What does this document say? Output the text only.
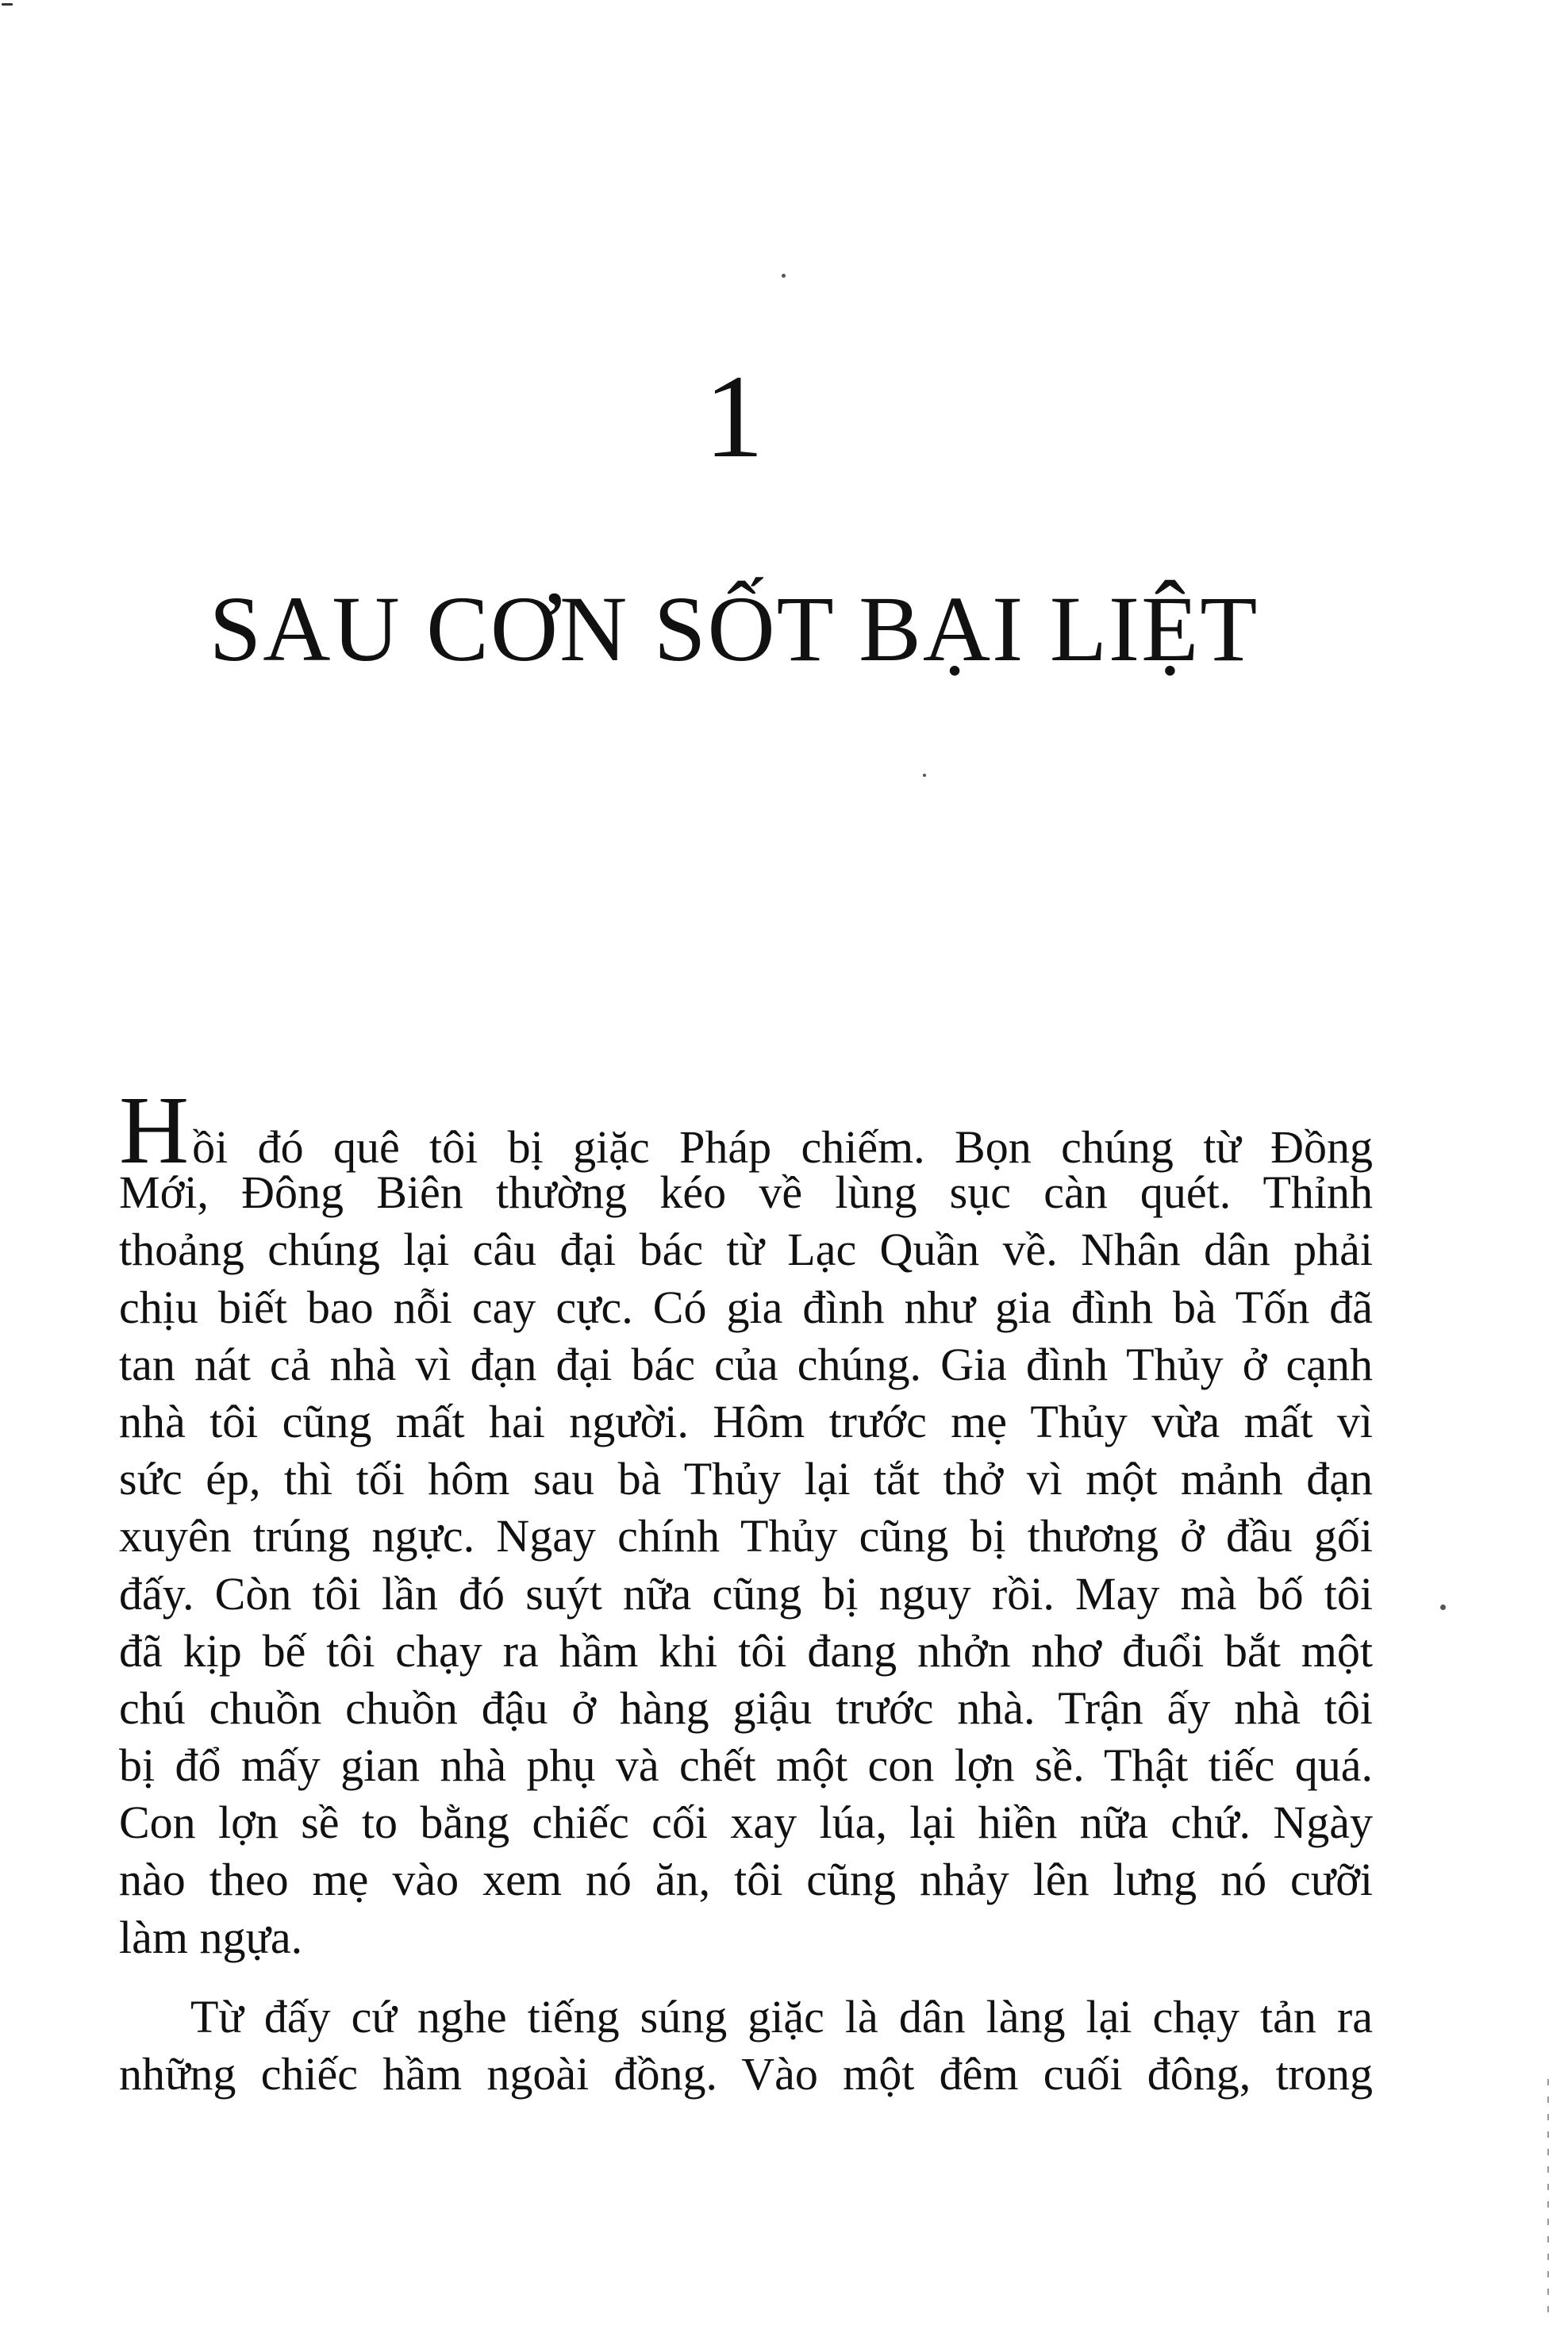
1
SAU CƠN SỐT BẠI LIỆT
Hồi đó quê tôi bị giặc Pháp chiếm. Bọn chúng từ Đồng
Mới, Đông Biên thường kéo về lùng sục càn quét. Thỉnh
thoảng chúng lại câu đại bác từ Lạc Quần về. Nhân dân phải
chịu biết bao nỗi cay cực. Có gia đình như gia đình bà Tốn đã
tan nát cả nhà vì đạn đại bác của chúng. Gia đình Thủy ở cạnh
nhà tôi cũng mất hai người. Hôm trước mẹ Thủy vừa mất vì
sức ép, thì tối hôm sau bà Thủy lại tắt thở vì một mảnh đạn
xuyên trúng ngực. Ngay chính Thủy cũng bị thương ở đầu gối
đấy. Còn tôi lần đó suýt nữa cũng bị nguy rồi. May mà bố tôi
đã kịp bế tôi chạy ra hầm khi tôi đang nhởn nhơ đuổi bắt một
chú chuồn chuồn đậu ở hàng giậu trước nhà. Trận ấy nhà tôi
bị đổ mấy gian nhà phụ và chết một con lợn sề. Thật tiếc quá.
Con lợn sề to bằng chiếc cối xay lúa, lại hiền nữa chứ. Ngày
nào theo mẹ vào xem nó ăn, tôi cũng nhảy lên lưng nó cưỡi
làm ngựa.
Từ đấy cứ nghe tiếng súng giặc là dân làng lại chạy tản ra
những chiếc hầm ngoài đồng. Vào một đêm cuối đông, trong
